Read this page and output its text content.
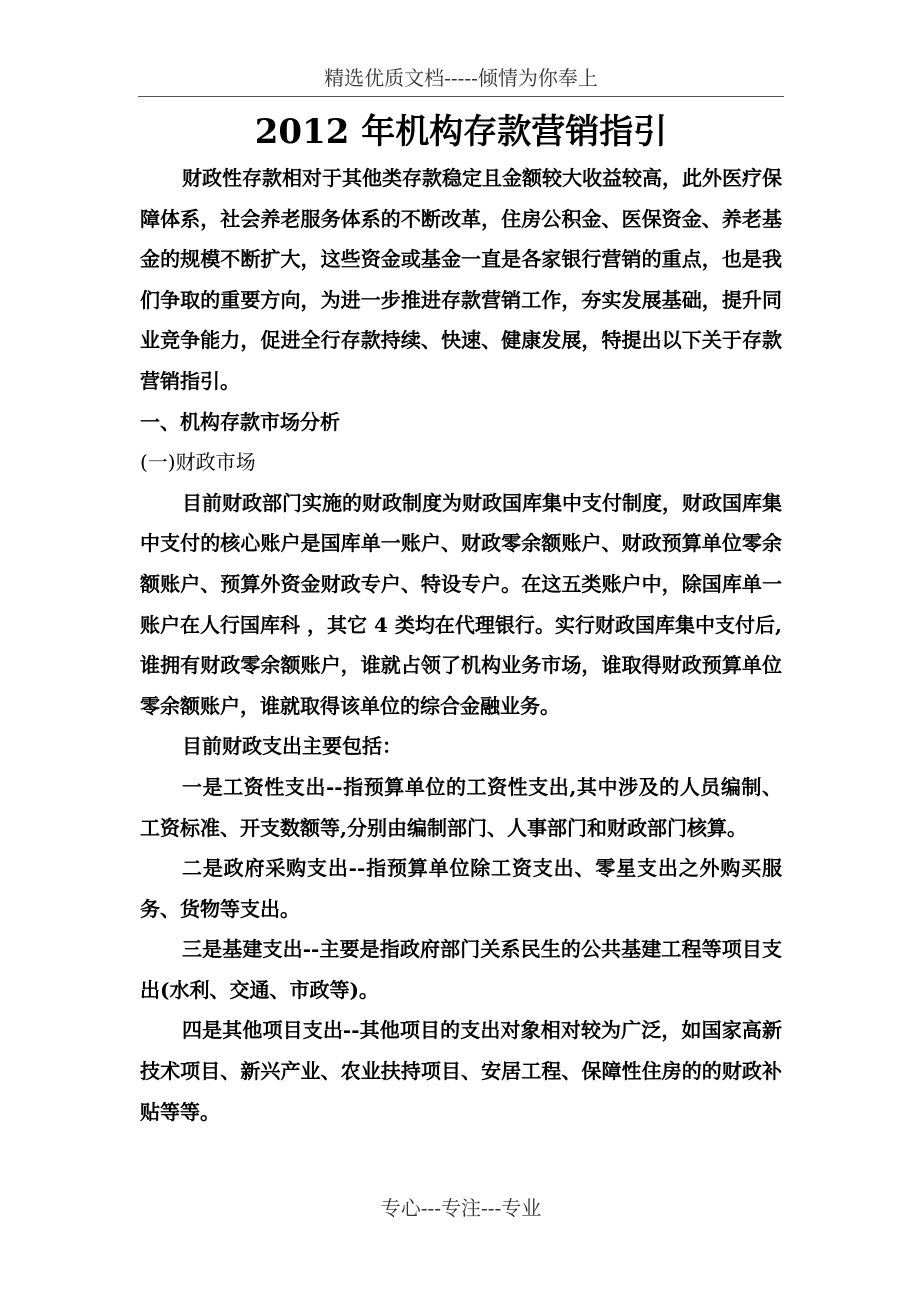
精选优质文档-----倾情为你奉上
2012 年机构存款营销指引

财政性存款相对于其他类存款稳定且金额较大收益较高，此外医疗保障体系，社会养老服务体系的不断改革，住房公积金、医保资金、养老基金的规模不断扩大，这些资金或基金一直是各家银行营销的重点，也是我们争取的重要方向，为进一步推进存款营销工作，夯实发展基础，提升同业竞争能力，促进全行存款持续、快速、健康发展，特提出以下关于存款营销指引。

一、机构存款市场分析

(一)财政市场

目前财政部门实施的财政制度为财政国库集中支付制度，财政国库集中支付的核心账户是国库单一账户、财政零余额账户、财政预算单位零余额账户、预算外资金财政专户、特设专户。在这五类账户中，除国库单一账户在人行国库科 ，其它 4 类均在代理银行。实行财政国库集中支付后,谁拥有财政零余额账户，谁就占领了机构业务市场，谁取得财政预算单位零余额账户，谁就取得该单位的综合金融业务。

目前财政支出主要包括：

一是工资性支出--指预算单位的工资性支出,其中涉及的人员编制、工资标准、开支数额等,分别由编制部门、人事部门和财政部门核算。

二是政府采购支出--指预算单位除工资支出、零星支出之外购买服务、货物等支出。

三是基建支出--主要是指政府部门关系民生的公共基建工程等项目支出(水利、交通、市政等)。

四是其他项目支出--其他项目的支出对象相对较为广泛，如国家高新技术项目、新兴产业、农业扶持项目、安居工程、保障性住房的的财政补贴等等。

专心---专注---专业
